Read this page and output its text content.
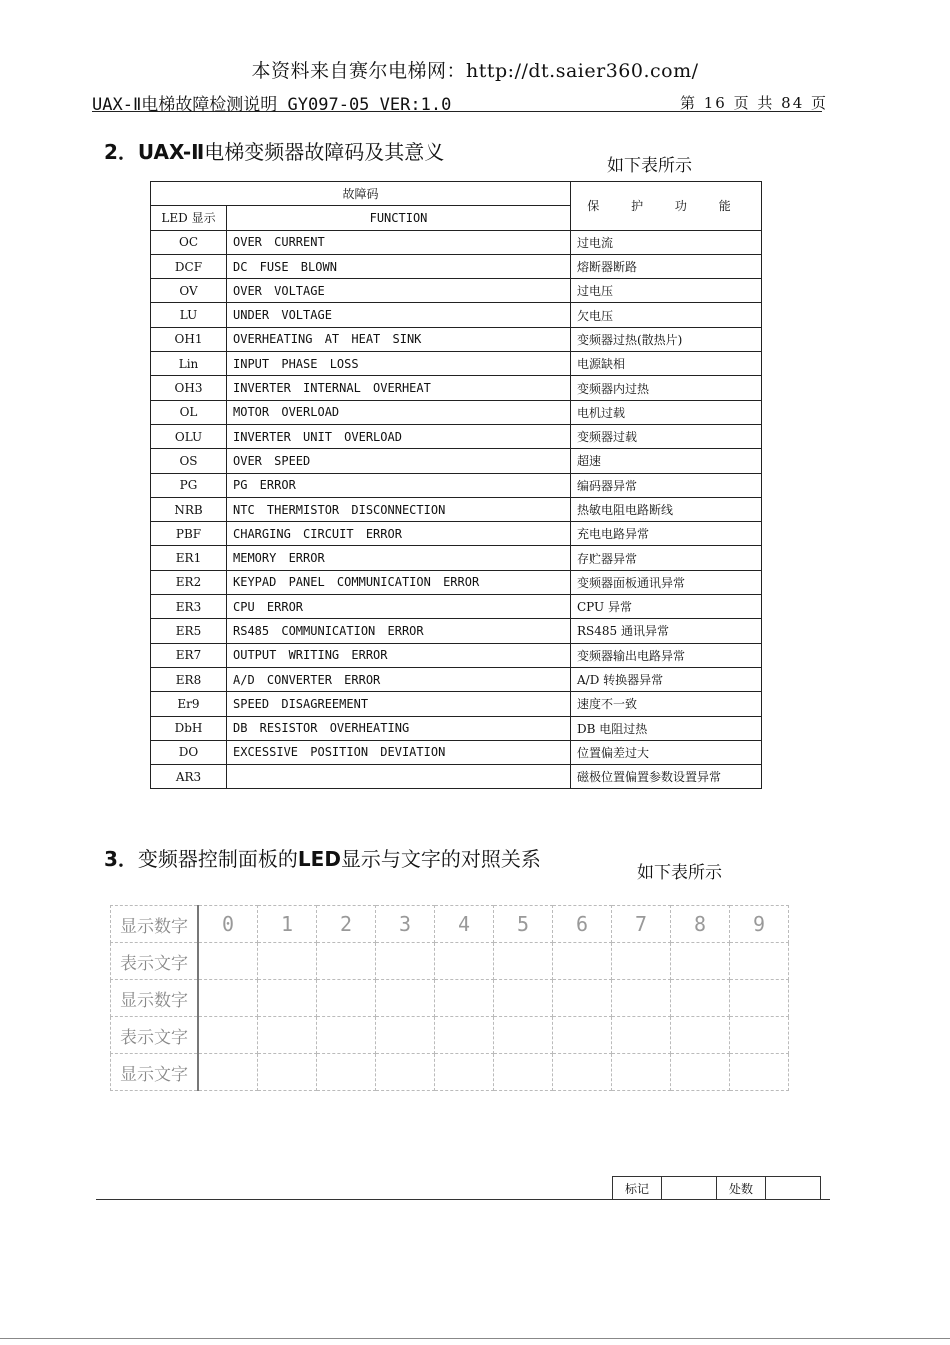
本资料来自赛尔电梯网：http://dt.saier360.com/
UAX-Ⅱ电梯故障检测说明 GY097-05 VER:1.0	第 16 页 共 84 页
2．UAX-Ⅱ电梯变频器故障码及其意义
如下表所示
故障码		保 护 功 能
LED 显示	FUNCTION	
OC	OVER CURRENT	过电流
DCF	DC FUSE BLOWN	熔断器断路
OV	OVER VOLTAGE	过电压
LU	UNDER VOLTAGE	欠电压
OH1	OVERHEATING AT HEAT SINK	变频器过热(散热片)
Lin	INPUT PHASE LOSS	电源缺相
OH3	INVERTER INTERNAL OVERHEAT	变频器内过热
OL	MOTOR OVERLOAD	电机过载
OLU	INVERTER UNIT OVERLOAD	变频器过载
OS	OVER SPEED	超速
PG	PG ERROR	编码器异常
NRB	NTC THERMISTOR DISCONNECTION	热敏电阻电路断线
PBF	CHARGING CIRCUIT ERROR	充电电路异常
ER1	MEMORY ERROR	存贮器异常
ER2	KEYPAD PANEL COMMUNICATION ERROR	变频器面板通讯异常
ER3	CPU ERROR	CPU 异常
ER5	RS485 COMMUNICATION ERROR	RS485 通讯异常
ER7	OUTPUT WRITING ERROR	变频器输出电路异常
ER8	A/D CONVERTER ERROR	A/D 转换器异常
Er9	SPEED DISAGREEMENT	速度不一致
DbH	DB RESISTOR OVERHEATING	DB 电阻过热
DO	EXCESSIVE POSITION DEVIATION	位置偏差过大
AR3		磁极位置偏置参数设置异常
3．变频器控制面板的LED显示与文字的对照关系
如下表所示
显示数字	0	1	2	3	4	5	6	7	8	9
表示文字										
显示数字										
表示文字										
显示文字										
标记		处数	
